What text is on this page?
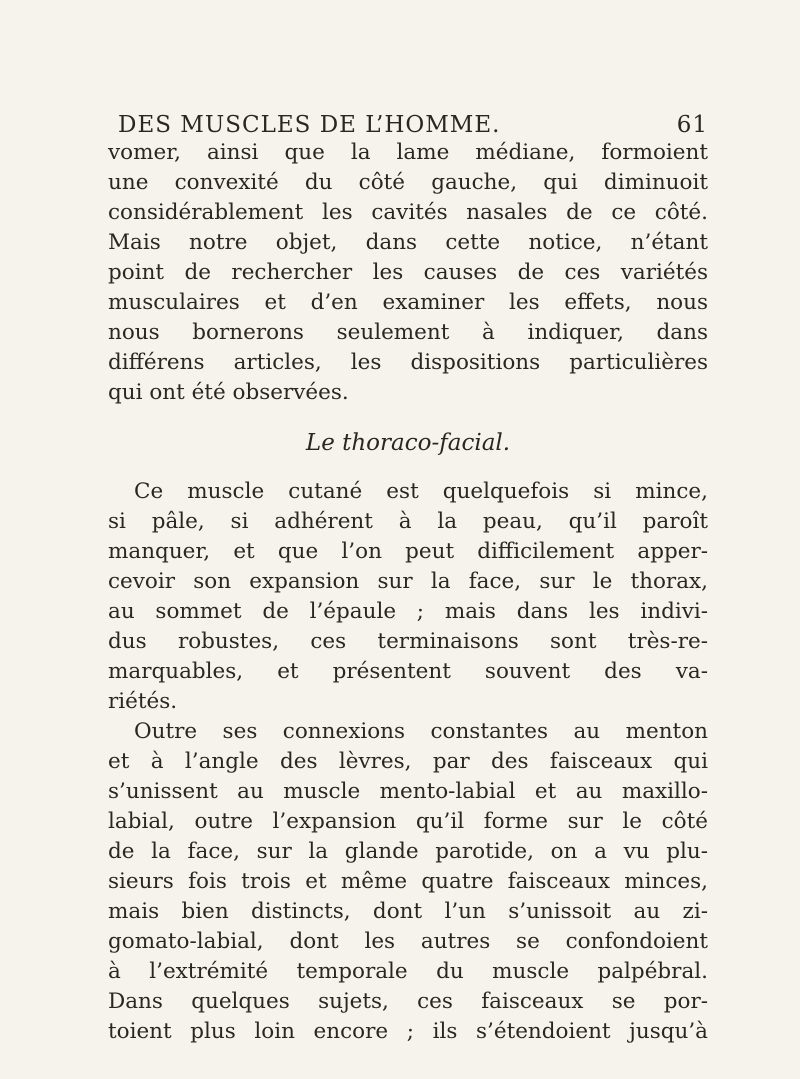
DES MUSCLES DE L’HOMME.	61
vomer, ainsi que la lame médiane, formoient
une convexité du côté gauche, qui diminuoit
considérablement les cavités nasales de ce côté.
Mais notre objet, dans cette notice, n’étant
point de rechercher les causes de ces variétés
musculaires et d’en examiner les effets, nous
nous bornerons seulement à indiquer, dans
différens articles, les dispositions particulières
qui ont été observées.
Le thoraco-facial.
Ce muscle cutané est quelquefois si mince,
si pâle, si adhérent à la peau, qu’il paroît
manquer, et que l’on peut difficilement apper-
cevoir son expansion sur la face, sur le thorax,
au sommet de l’épaule ; mais dans les indivi-
dus robustes, ces terminaisons sont très-re-
marquables, et présentent souvent des va-
riétés.
Outre ses connexions constantes au menton
et à l’angle des lèvres, par des faisceaux qui
s’unissent au muscle mento-labial et au maxillo-
labial, outre l’expansion qu’il forme sur le côté
de la face, sur la glande parotide, on a vu plu-
sieurs fois trois et même quatre faisceaux minces,
mais bien distincts, dont l’un s’unissoit au zi-
gomato-labial, dont les autres se confondoient
à l’extrémité temporale du muscle palpébral.
Dans quelques sujets, ces faisceaux se por-
toient plus loin encore ; ils s’étendoient jusqu’à
